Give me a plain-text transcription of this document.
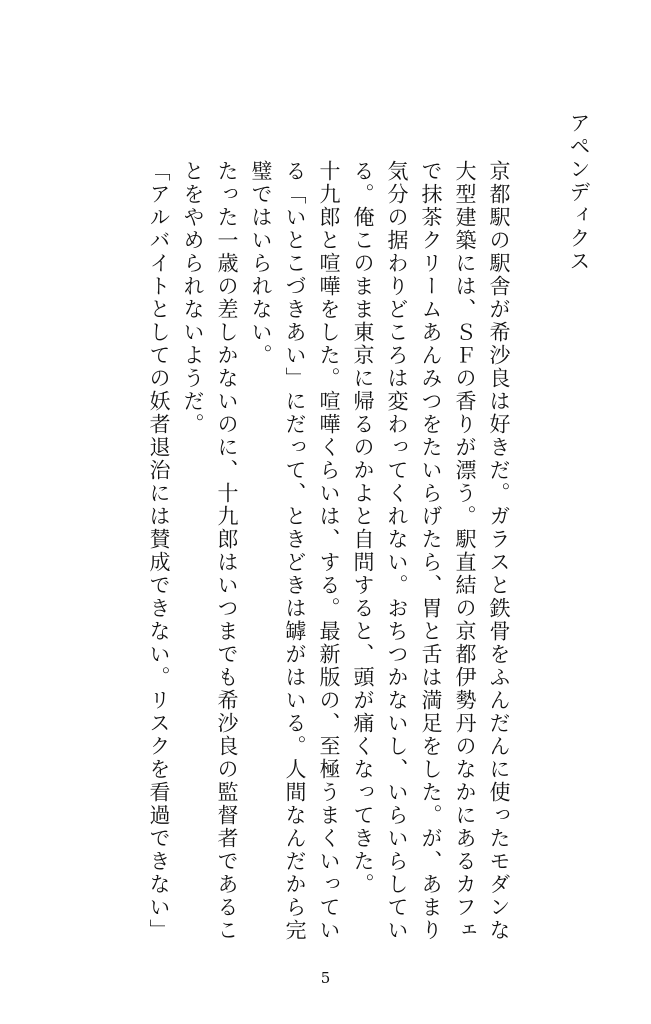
アペンディクス

京都駅の駅舎が希沙良は好きだ。ガラスと鉄骨をふんだんに使ったモダンな大型建築には、ＳＦの香りが漂う。駅直結の京都伊勢丹のなかにあるカフェで抹茶クリームあんみつをたいらげたら、胃と舌は満足をした。が、あまり気分の据わりどころは変わってくれない。おちつかないし、いらいらしている。俺このまま東京に帰るのかよと自問すると、頭が痛くなってきた。

十九郎と喧嘩をした。喧嘩くらいは、する。最新版の、至極うまくいっている「いとこづきあい」にだって、ときどきは罅がはいる。人間なんだから完璧ではいられない。

たった一歳の差しかないのに、十九郎はいつまでも希沙良の監督者であることをやめられないようだ。

「アルバイトとしての妖者退治には賛成できない。リスクを看過できない」

5
